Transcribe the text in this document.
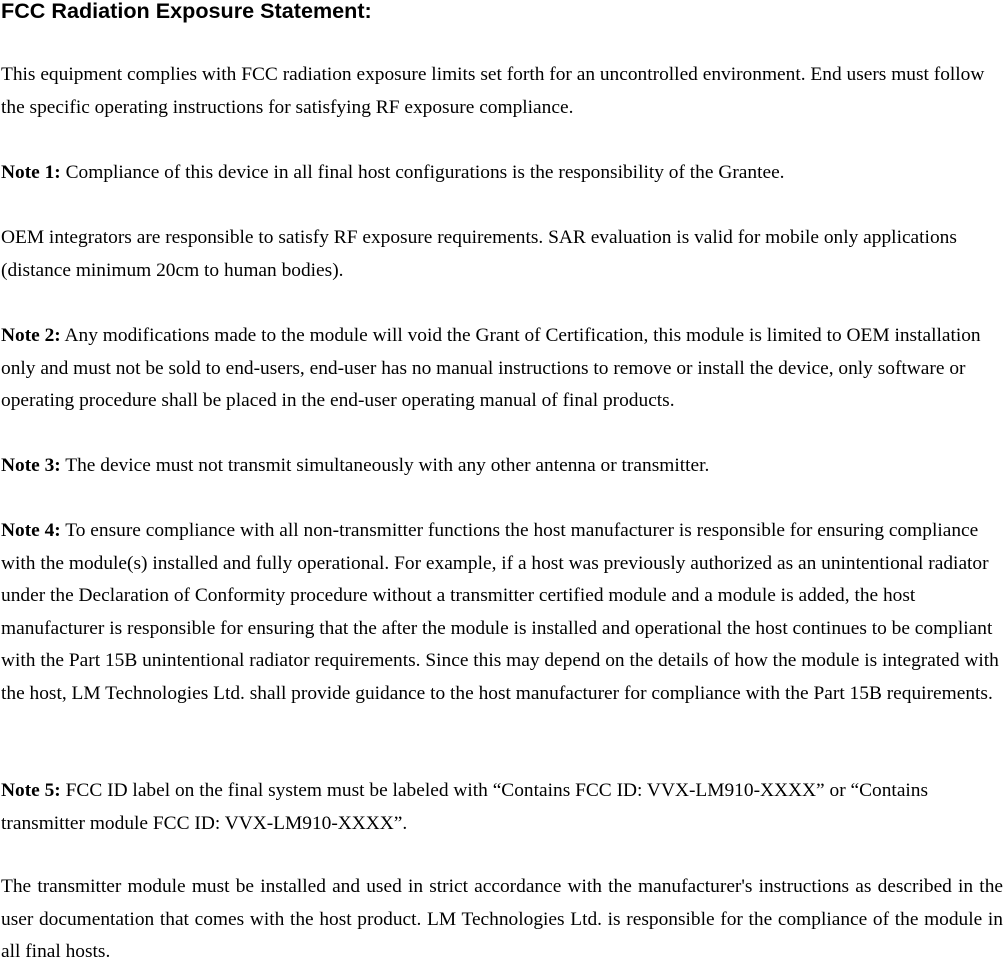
FCC Radiation Exposure Statement:

This equipment complies with FCC radiation exposure limits set forth for an uncontrolled environment. End users must follow the specific operating instructions for satisfying RF exposure compliance.

Note 1: Compliance of this device in all final host configurations is the responsibility of the Grantee.

OEM integrators are responsible to satisfy RF exposure requirements. SAR evaluation is valid for mobile only applications (distance minimum 20cm to human bodies).

Note 2: Any modifications made to the module will void the Grant of Certification, this module is limited to OEM installation only and must not be sold to end-users, end-user has no manual instructions to remove or install the device, only software or operating procedure shall be placed in the end-user operating manual of final products.

Note 3: The device must not transmit simultaneously with any other antenna or transmitter.

Note 4: To ensure compliance with all non-transmitter functions the host manufacturer is responsible for ensuring compliance with the module(s) installed and fully operational. For example, if a host was previously authorized as an unintentional radiator under the Declaration of Conformity procedure without a transmitter certified module and a module is added, the host manufacturer is responsible for ensuring that the after the module is installed and operational the host continues to be compliant with the Part 15B unintentional radiator requirements. Since this may depend on the details of how the module is integrated with the host, LM Technologies Ltd. shall provide guidance to the host manufacturer for compliance with the Part 15B requirements.

Note 5: FCC ID label on the final system must be labeled with “Contains FCC ID: VVX-LM910-XXXX” or “Contains transmitter module FCC ID: VVX-LM910-XXXX”.

The transmitter module must be installed and used in strict accordance with the manufacturer's instructions as described in the user documentation that comes with the host product. LM Technologies Ltd. is responsible for the compliance of the module in all final hosts.
